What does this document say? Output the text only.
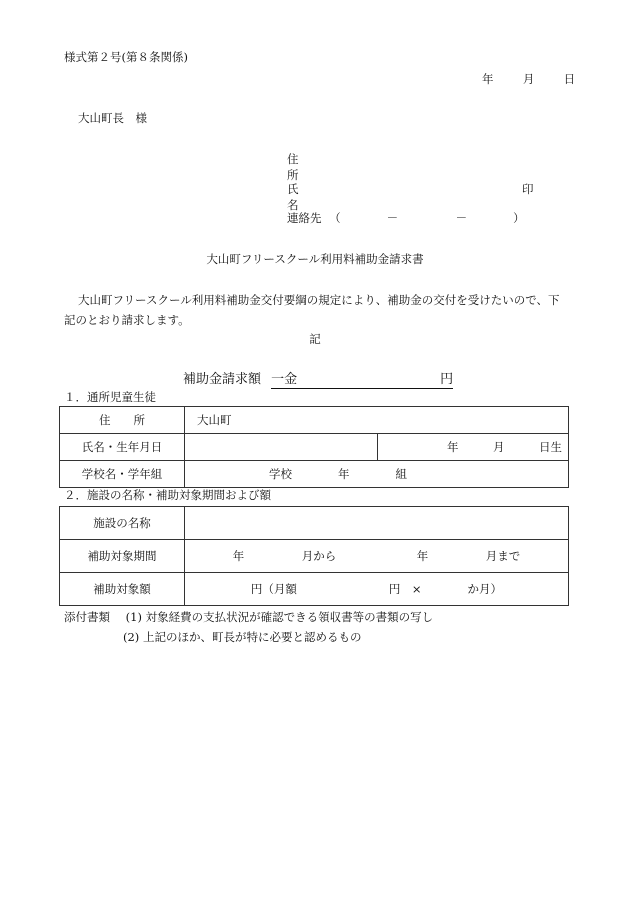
様式第２号(第８条関係)
年	月	日
大山町長　様
住　所
氏　名
印
連絡先 （　　　　－　　　　　－　　　　）
大山町フリースクール利用料補助金請求書
大山町フリースクール利用料補助金交付要綱の規定により、補助金の交付を受けたいので、下記のとおり請求します。
記
補助金請求額 一金　　　　　　　　　　　円
１．通所児童生徒
住　　所	大山町	
氏名・生年月日		年　　　月　　　日生
学校名・学年組	学校　　　　年　　　　組	
２．施設の名称・補助対象期間および額
施設の名称	
補助対象期間	年　　　　　月から　　　　　　　年　　　　　月まで
補助対象額	円（月額　　　　　　　　円　×　　　　か月）
添付書類 (1) 対象経費の支払状況が確認できる領収書等の書類の写し
(2) 上記のほか、町長が特に必要と認めるもの
